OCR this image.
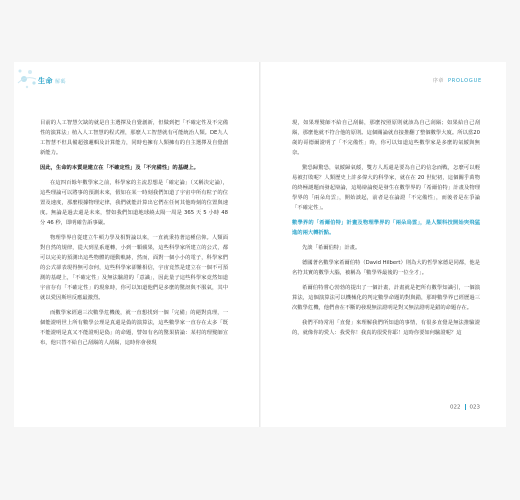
生命 解碼	序章 PROLOGUE

目前的人工智慧欠缺的就是自主選擇及自覺創新，但做到把「不確定性及不完備性的演算法」植入人工智慧的程式裡，那麼人工智慧就有可能統治人類。DE九人工智慧不但具備超強邏輯及計算能力，同時也擁有人類擁有的自主選擇及自覺創新能力。

因此，生命的本質是建立在「不確定性」及「不完備性」的基礎上。

在這四百餘年數學家之前，科學家的主流思想是「確定論」（又稱決定論），這些理論可以將事的預測未來，假如在某一時刻我們知道了宇宙中所有粒子的位置及速度，那麼根據物理定律，我們就能計算出它們在任何其他時刻的位置與速度。無論是過去還是未來，譬如我們知道地球繞太陽一周是 365 天 5 小時 48 分 46 秒，即明確告訴事嚴。

物理學界自從建立牛頓力學及相對論以來，一直就秉持著這種信仰。人類面對自然的規律，從大到星系運轉，小到一顆蘋果，這些科學家所建立的公式，都可以完美的預測出這些物體的運動軌跡，然而，面對一個小小的電子，科學家們的公式卻表現得無可奈何，這些科學家卻難相信，宇宙竟然是建立在一個不可預測的基礎上，「不確定性」及無法驗證的「意識」，因此量子這些科學家竟然知道宇宙存有「不確定性」的現象時，你可以知道他們是多麼的驚訝與不服氣，其中就以愛因斯坦反應最激烈。

而數學家經過三次數學危機後，就一直想找到一個「完備」的絕對真理，一個能證明世上所有數學公理是真還是偽的演算法，這些數學家一直存在太多「既不能證明是真又不能證明是偽」的命題，譬如有名的驚果猜論：某村的理髮師宣布，他只替不給自己刮鬍的人刮鬍，這時你會發現

現，如果理髮師不給自己刮鬍，那麼按照原則就該為自己刮鬍；如果給自己刮鬍，那麼他就不符合他的原則。這個關論就直接推翻了整個數學大廈。所以當20歲的哥德爾證明了「不完備性」時，你可以知道這些數學家是多麼的氣餒與無奈。

驚恐歸驚恐，氣餒歸氣餒，雙方人馬還是要為自己的信念而戰，怎麼可以輕易被打敗呢？人類歷史上許多偉大的科學家，就在在 20 世紀初，這個關乎萬物的終極謎題而發起辯論，這場辯論便是發生在數學界的「希爾伯特」計畫及物理學界的「兩朵烏雲」，開始談起，前者是在論證「不完備性」，而後者是在爭論「不確定性」。

數學界的「希爾伯特」計畫及物理學界的「兩朵烏雲」，是人類科技開始突飛猛進的兩大轉折點。

先談「希爾伯特」計畫。

德國著名數學家希爾伯特（David Hilbert）則為大的哲學家德是同都，他是名符其實的數學大腦，被稱為「數學界最後的一位全才」。

希爾伯特嘗心勃勃的提出了一個計畫，計畫就是把所有數學知識引，一個演算法，這個演算法可以機械化的判定數學命題的對與錯，那時數學界已經歷過三次數學危機，他們會在不斷的發現無法證明是對又無法證明是錯的命題存在。

我們平時常用「直覺」來理解我們所知道的事情，有很多直覺是無法推驗證的，就像你的愛人：我愛你！我真的很愛你耶！這時你要如何驗證呢？這

022 023
